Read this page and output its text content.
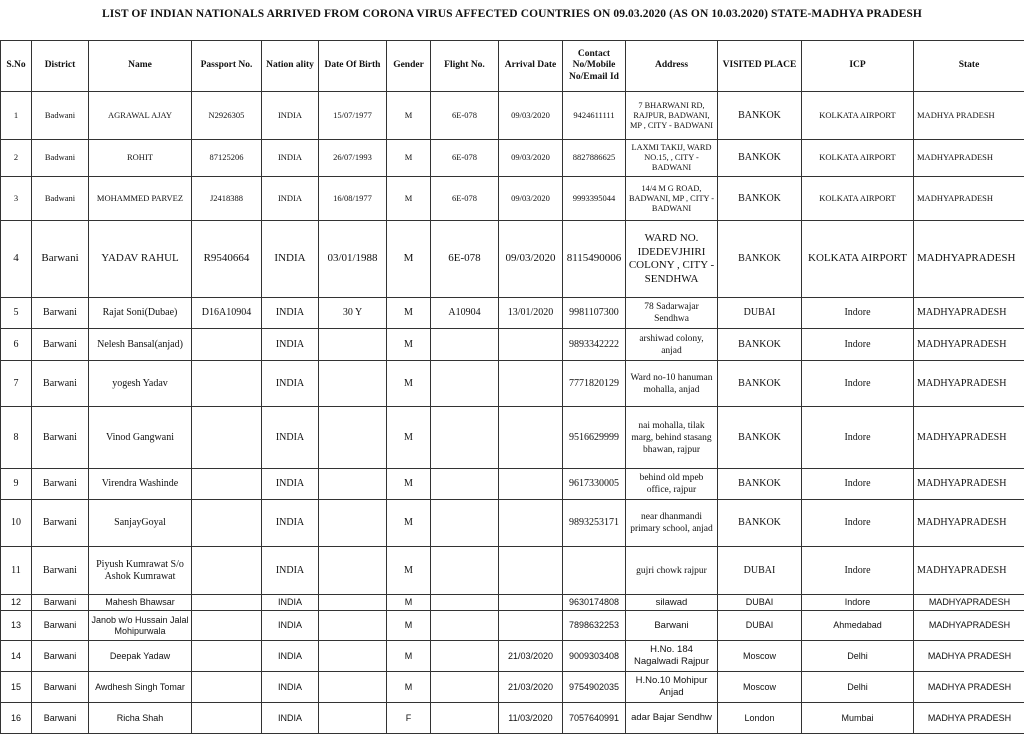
LIST OF INDIAN NATIONALS ARRIVED FROM CORONA VIRUS AFFECTED COUNTRIES ON 09.03.2020 (AS ON 10.03.2020) STATE-MADHYA PRADESH
S.No	District	Name	Passport No.	Nation ality	Date Of Birth	Gender	Flight No.	Arrival Date	Contact No/Mobile No/Email Id	Address	VISITED PLACE	ICP	State
1	Badwani	AGRAWAL AJAY	N2926305	INDIA	15/07/1977	M	6E-078	09/03/2020	9424611111	7 BHARWANI RD, RAJPUR, BADWANI, MP , CITY - BADWANI	BANKOK	KOLKATA AIRPORT	MADHYA PRADESH
2	Badwani	ROHIT	87125206	INDIA	26/07/1993	M	6E-078	09/03/2020	8827886625	LAXMI TAKIJ, WARD NO.15, , CITY - BADWANI	BANKOK	KOLKATA AIRPORT	MADHYAPRADESH
3	Badwani	MOHAMMED PARVEZ	J2418388	INDIA	16/08/1977	M	6E-078	09/03/2020	9993395044	14/4 M G ROAD, BADWANI, MP , CITY - BADWANI	BANKOK	KOLKATA AIRPORT	MADHYAPRADESH
4	Barwani	YADAV RAHUL	R9540664	INDIA	03/01/1988	M	6E-078	09/03/2020	8115490006	WARD NO. IDEDEVJHIRI COLONY , CITY - SENDHWA	BANKOK	KOLKATA AIRPORT	MADHYAPRADESH
5	Barwani	Rajat Soni(Dubae)	D16A10904	INDIA	30 Y	M	A10904	13/01/2020	9981107300	78 Sadarwajar Sendhwa	DUBAI	Indore	MADHYAPRADESH
6	Barwani	Nelesh Bansal(anjad)		INDIA		M			9893342222	arshiwad colony, anjad	BANKOK	Indore	MADHYAPRADESH
7	Barwani	yogesh Yadav		INDIA		M			7771820129	Ward no-10 hanuman mohalla, anjad	BANKOK	Indore	MADHYAPRADESH
8	Barwani	Vinod Gangwani		INDIA		M			9516629999	nai mohalla, tilak marg, behind stasang bhawan, rajpur	BANKOK	Indore	MADHYAPRADESH
9	Barwani	Virendra Washinde		INDIA		M			9617330005	behind old mpeb office, rajpur	BANKOK	Indore	MADHYAPRADESH
10	Barwani	SanjayGoyal		INDIA		M			9893253171	near dhanmandi primary school, anjad	BANKOK	Indore	MADHYAPRADESH
11	Barwani	Piyush Kumrawat S/o Ashok Kumrawat		INDIA		M				gujri chowk rajpur	DUBAI	Indore	MADHYAPRADESH
12	Barwani	Mahesh Bhawsar		INDIA		M			9630174808	silawad	DUBAI	Indore	MADHYAPRADESH
13	Barwani	Janob w/o Hussain Jalal Mohipurwala		INDIA		M			7898632253	Barwani	DUBAI	Ahmedabad	MADHYAPRADESH
14	Barwani	Deepak Yadaw		INDIA		M		21/03/2020	9009303408	H.No. 184 Nagalwadi Rajpur	Moscow	Delhi	MADHYA PRADESH
15	Barwani	Awdhesh Singh Tomar		INDIA		M		21/03/2020	9754902035	H.No.10 Mohipur Anjad	Moscow	Delhi	MADHYA PRADESH
16	Barwani	Richa Shah		INDIA		F		11/03/2020	7057640991	adar Bajar Sendhw	London	Mumbai	MADHYA PRADESH
